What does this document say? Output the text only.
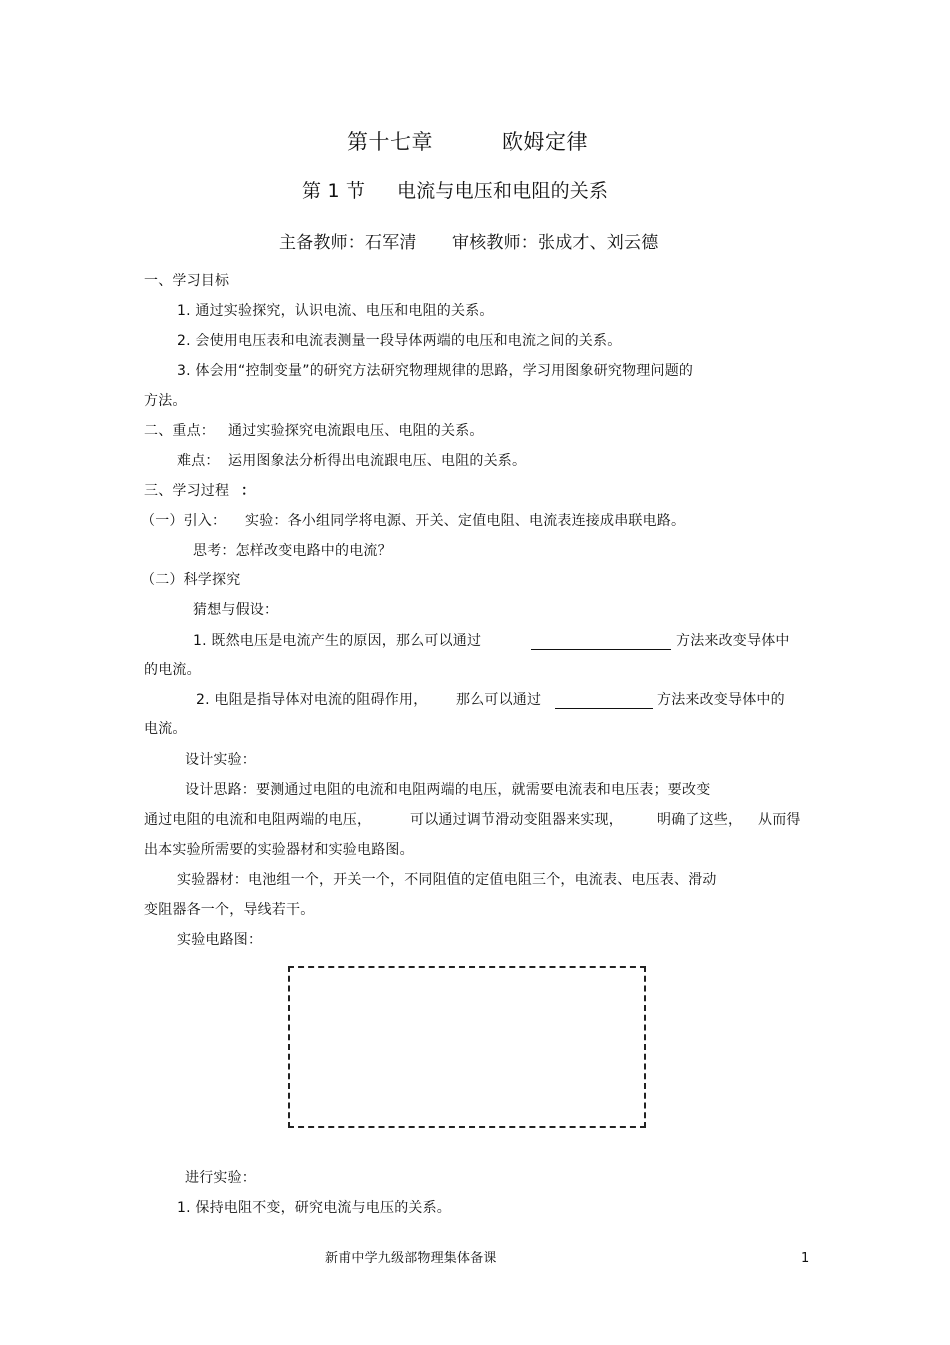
第十七章	欧姆定律
第 1 节 电流与电压和电阻的关系
主备教师：石军清 审核教师：张成才、刘云德
一、学习目标
1. 通过实验探究，认识电流、电压和电阻的关系。
2. 会使用电压表和电流表测量一段导体两端的电压和电流之间的关系。
3. 体会用“控制变量”的研究方法研究物理规律的思路，学习用图象研究物理问题的
方法。
二、重点： 通过实验探究电流跟电压、电阻的关系。
难点： 运用图象法分析得出电流跟电压、电阻的关系。
三、学习过程 ：
（一）引入： 实验：各小组同学将电源、开关、定值电阻、电流表连接成串联电路。
思考：怎样改变电路中的电流？
（二）科学探究
猜想与假设：
1. 既然电压是电流产生的原因，那么可以通过	方法来改变导体中
的电流。
2. 电阻是指导体对电流的阻碍作用， 那么可以通过	方法来改变导体中的
电流。
设计实验：
设计思路：要测通过电阻的电流和电阻两端的电压，就需要电流表和电压表；要改变
通过电阻的电流和电阻两端的电压，	可以通过调节滑动变阻器来实现， 明确了这些， 从而得
出本实验所需要的实验器材和实验电路图。
实验器材：电池组一个，开关一个，不同阻值的定值电阻三个，电流表、电压表、滑动
变阻器各一个，导线若干。
实验电路图：
进行实验：
1. 保持电阻不变，研究电流与电压的关系。
新甫中学九级部物理集体备课	1
